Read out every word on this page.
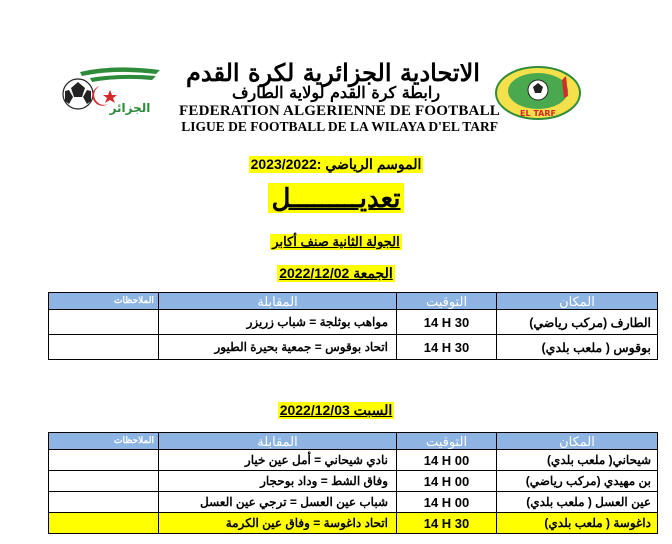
الجزائر
الاتحادية الجزائرية لكرة القدم
رابطة كرة القدم لولاية الطارف
FEDERATION ALGERIENNE DE FOOTBALL
LIGUE DE FOOTBALL DE LA WILAYA D'EL TARF
EL TARF
الموسم الرياضي :2023/2022
تعديـــــــــل
الجولة الثانية صنف أكابر
الجمعة 2022/12/02
الملاحظات	المقابلة	التوقيت	المكان
	مواهب بوثلجة = شباب زريزر	14 H 30	الطارف (مركب رياضي)
	اتحاد بوقوس = جمعية بحيرة الطيور	14 H 30	بوقوس ( ملعب بلدي)
السبت 2022/12/03
الملاحظات	المقابلة	التوقيت	المكان
	نادي شيحاني = أمل عين خيار	14 H 00	شيحاني( ملعب بلدي)
	وفاق الشط = وداد بوحجار	14 H 00	بن مهيدي (مركب رياضي)
	شباب عين العسل = ترجي عين العسل	14 H 00	عين العسل ( ملعب بلدي)
	اتحاد داغوسة = وفاق عين الكرمة	14 H 30	داغوسة ( ملعب بلدي)
